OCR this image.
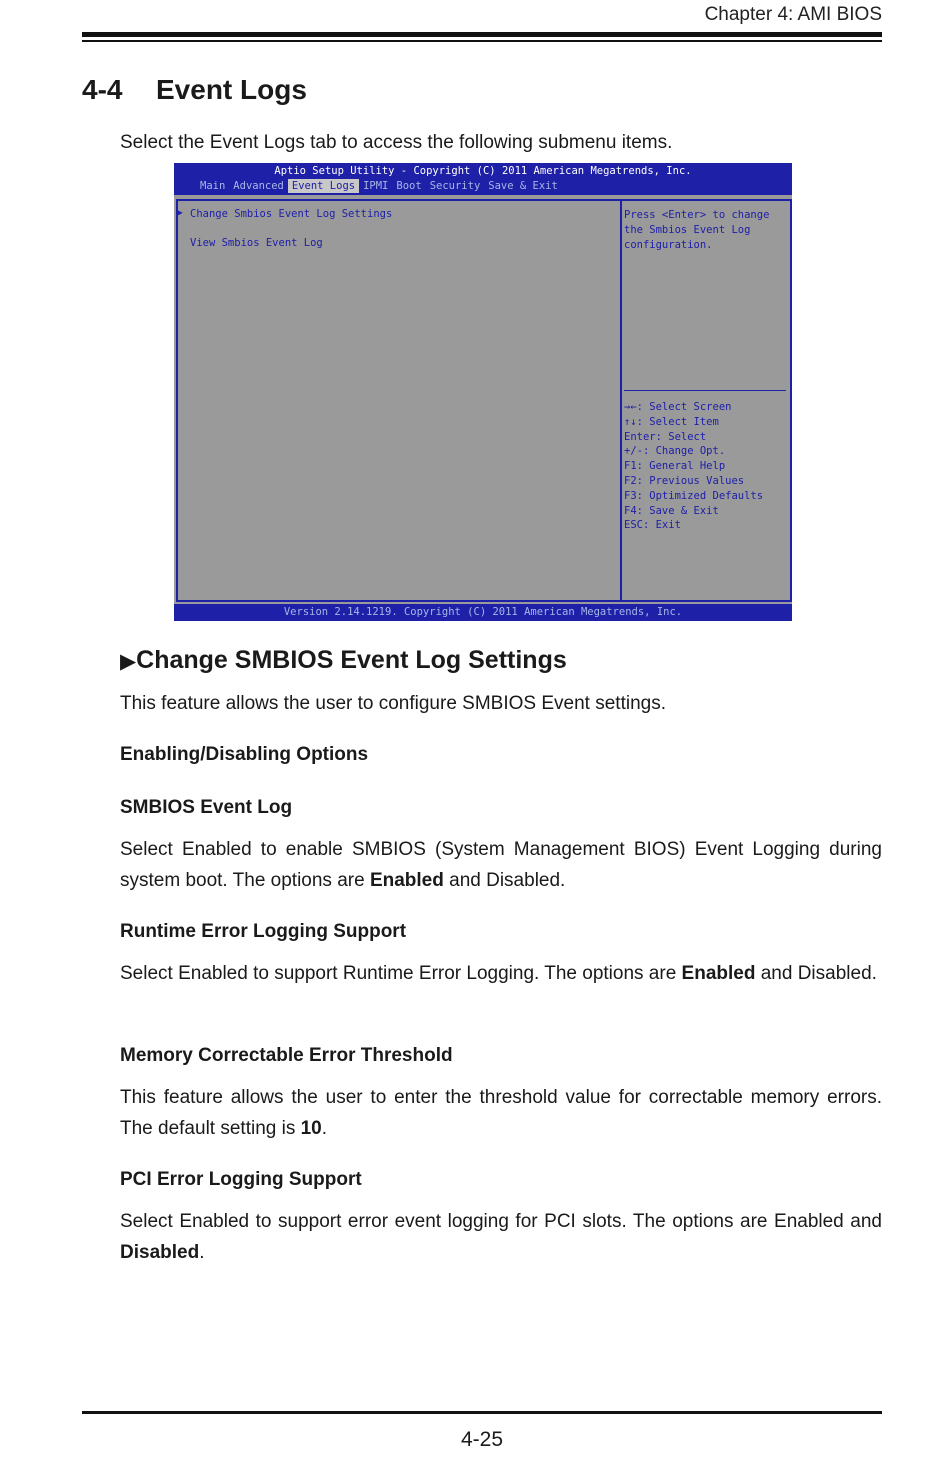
Chapter 4: AMI BIOS
4-4 Event Logs
Select the Event Logs tab to access the following submenu items.
Aptio Setup Utility - Copyright (C) 2011 American Megatrends, Inc.
Main Advanced Event Logs IPMI Boot Security Save & Exit
▶ Change Smbios Event Log Settings
View Smbios Event Log
Press <Enter> to change
the Smbios Event Log
configuration.
→←: Select Screen
↑↓: Select Item
Enter: Select
+/-: Change Opt.
F1: General Help
F2: Previous Values
F3: Optimized Defaults
F4: Save & Exit
ESC: Exit
Version 2.14.1219. Copyright (C) 2011 American Megatrends, Inc.
▶Change SMBIOS Event Log Settings
This feature allows the user to configure SMBIOS Event settings.
Enabling/Disabling Options
SMBIOS Event Log
Select Enabled to enable SMBIOS (System Management BIOS) Event Logging during system boot. The options are Enabled and Disabled.
Runtime Error Logging Support
Select Enabled to support Runtime Error Logging. The options are Enabled and Disabled.
Memory Correctable Error Threshold
This feature allows the user to enter the threshold value for correctable memory errors. The default setting is 10.
PCI Error Logging Support
Select Enabled to support error event logging for PCI slots. The options are Enabled and Disabled.
4-25
